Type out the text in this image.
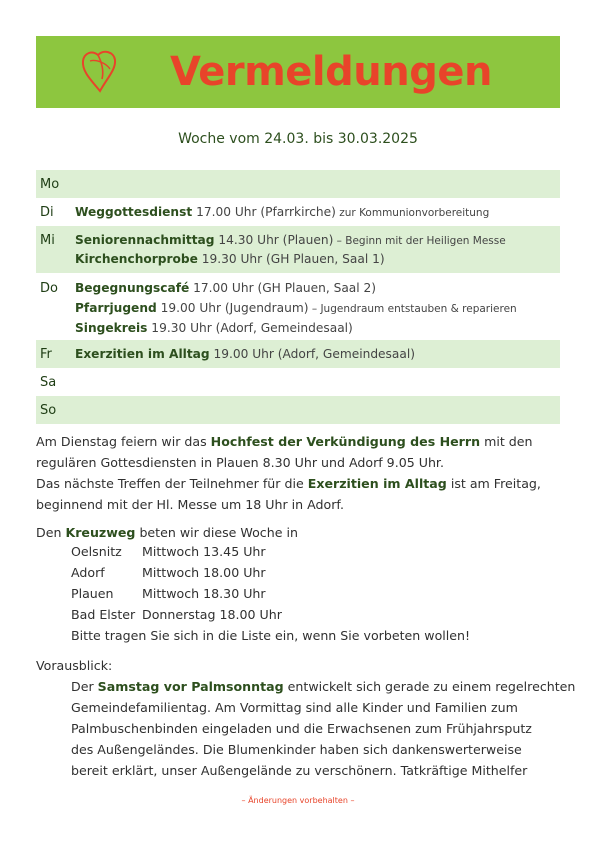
Vermeldungen
Woche vom 24.03. bis 30.03.2025
Mo
Di Weggottesdienst 17.00 Uhr (Pfarrkirche) zur Kommunionvorbereitung
Mi Seniorennachmittag 14.30 Uhr (Plauen) – Beginn mit der Heiligen Messe
Kirchenchorprobe 19.30 Uhr (GH Plauen, Saal 1)
Do Begegnungscafé 17.00 Uhr (GH Plauen, Saal 2)
Pfarrjugend 19.00 Uhr (Jugendraum) – Jugendraum entstauben & reparieren
Singekreis 19.30 Uhr (Adorf, Gemeindesaal)
Fr Exerzitien im Alltag 19.00 Uhr (Adorf, Gemeindesaal)
Sa
So
Am Dienstag feiern wir das Hochfest der Verkündigung des Herrn mit den
regulären Gottesdiensten in Plauen 8.30 Uhr und Adorf 9.05 Uhr.
Das nächste Treffen der Teilnehmer für die Exerzitien im Alltag ist am Freitag,
beginnend mit der Hl. Messe um 18 Uhr in Adorf.
Den Kreuzweg beten wir diese Woche in
Oelsnitz Mittwoch 13.45 Uhr
Adorf	Mittwoch 18.00 Uhr
Plauen Mittwoch 18.30 Uhr
Bad Elster Donnerstag 18.00 Uhr
Bitte tragen Sie sich in die Liste ein, wenn Sie vorbeten wollen!
Vorausblick:
Der Samstag vor Palmsonntag entwickelt sich gerade zu einem regelrechten
Gemeindefamilientag. Am Vormittag sind alle Kinder und Familien zum
Palmbuschenbinden eingeladen und die Erwachsenen zum Frühjahrsputz
des Außengeländes. Die Blumenkinder haben sich dankenswerterweise
bereit erklärt, unser Außengelände zu verschönern. Tatkräftige Mithelfer
– Änderungen vorbehalten –
